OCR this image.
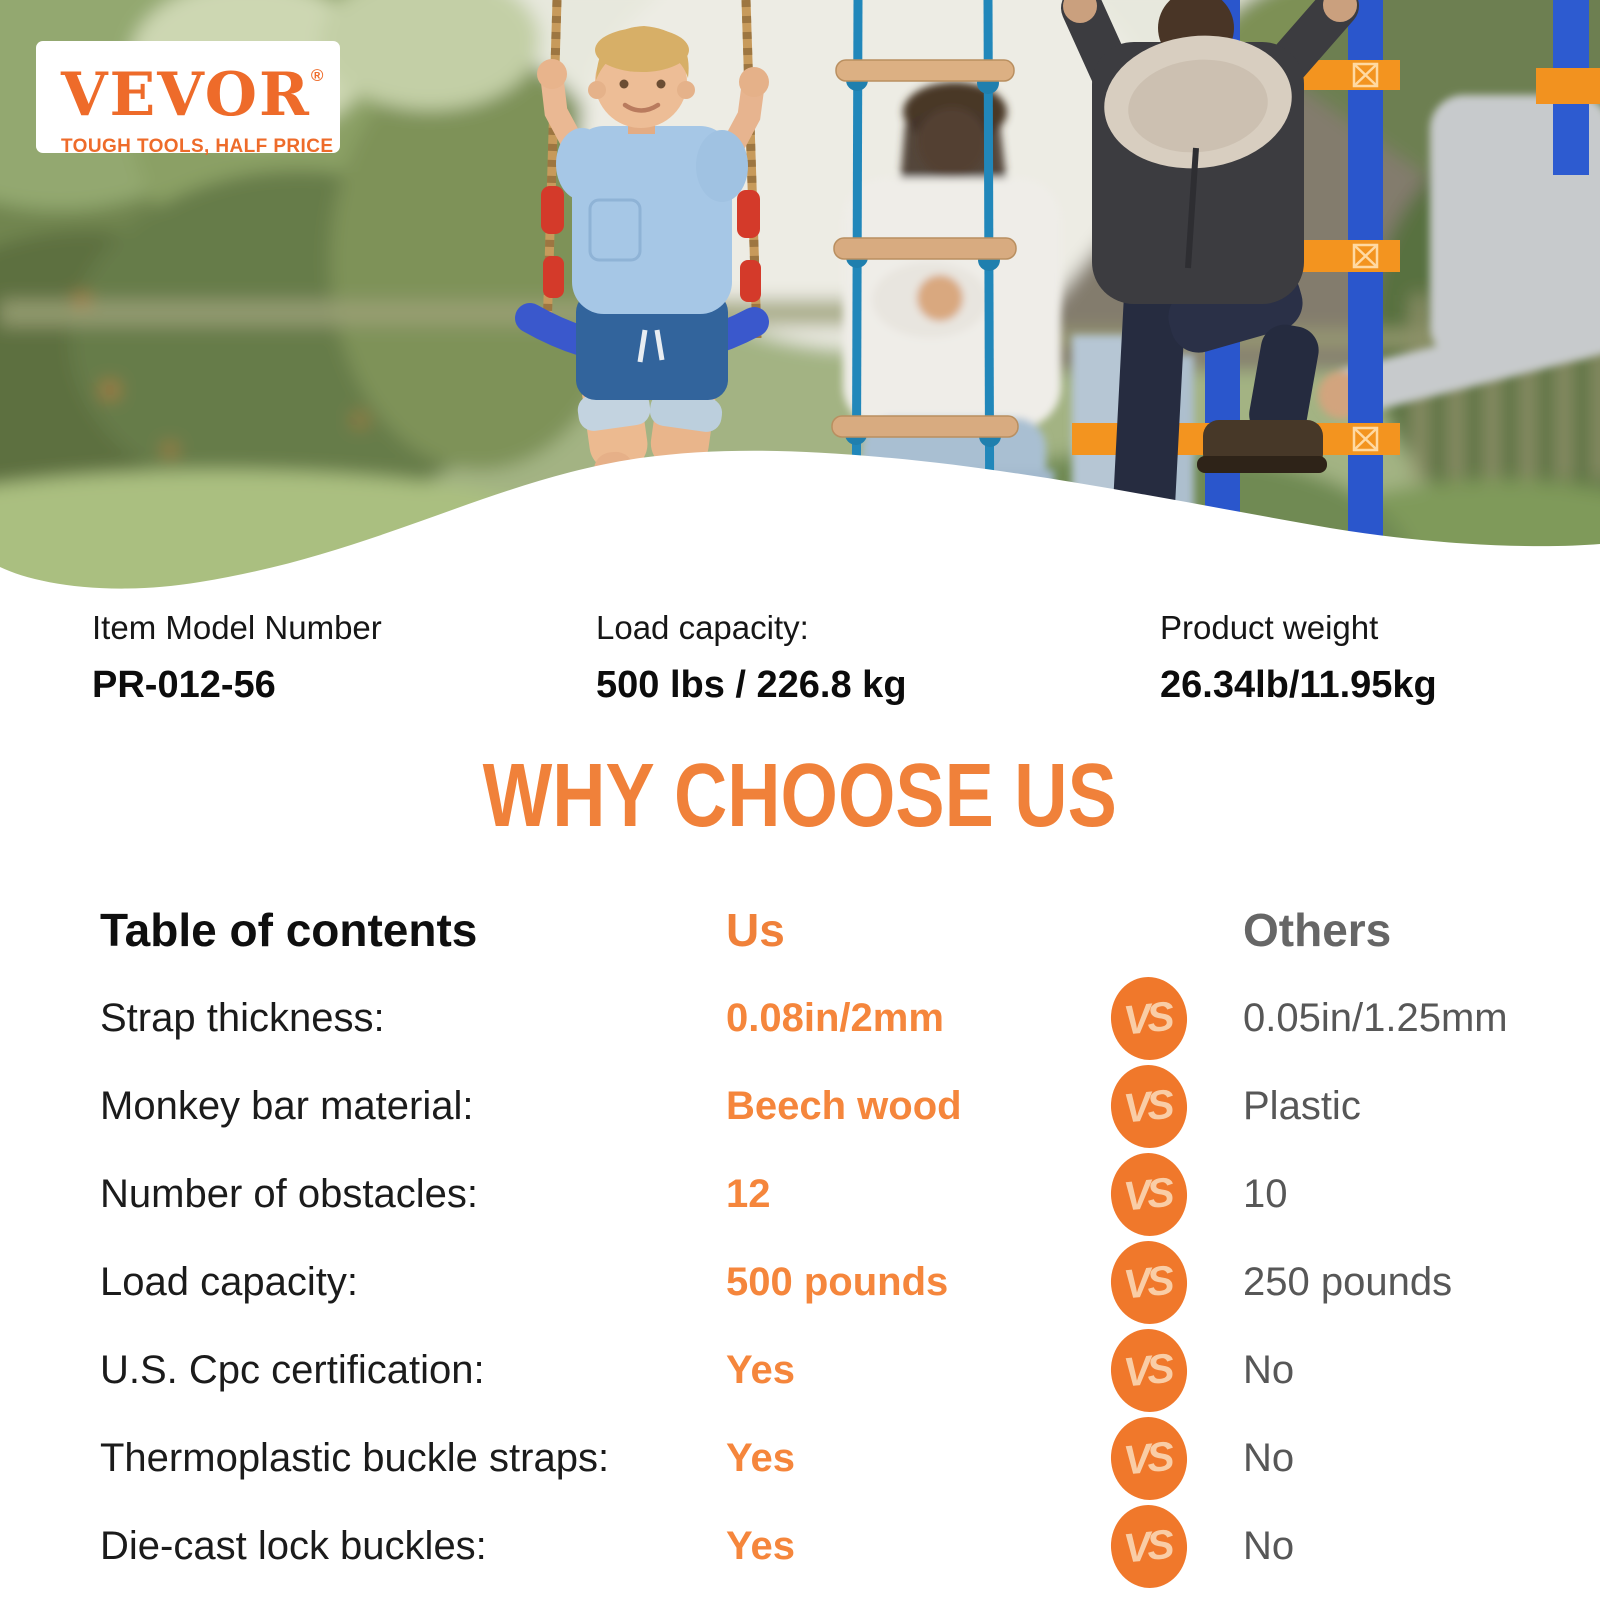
VEVOR®
TOUGH TOOLS, HALF PRICE
Item Model Number
PR-012-56
Load capacity:
500 lbs / 226.8 kg
Product weight
26.34lb/11.95kg
WHY CHOOSE US
Table of contents	Us	Others
Strap thickness:	0.08in/2mm	VS	0.05in/1.25mm
Monkey bar material:	Beech wood	VS	Plastic
Number of obstacles:	12	VS	10
Load capacity:	500 pounds	VS	250 pounds
U.S. Cpc certification:	Yes	VS	No
Thermoplastic buckle straps:	Yes	VS	No
Die-cast lock buckles:	Yes	VS	No
